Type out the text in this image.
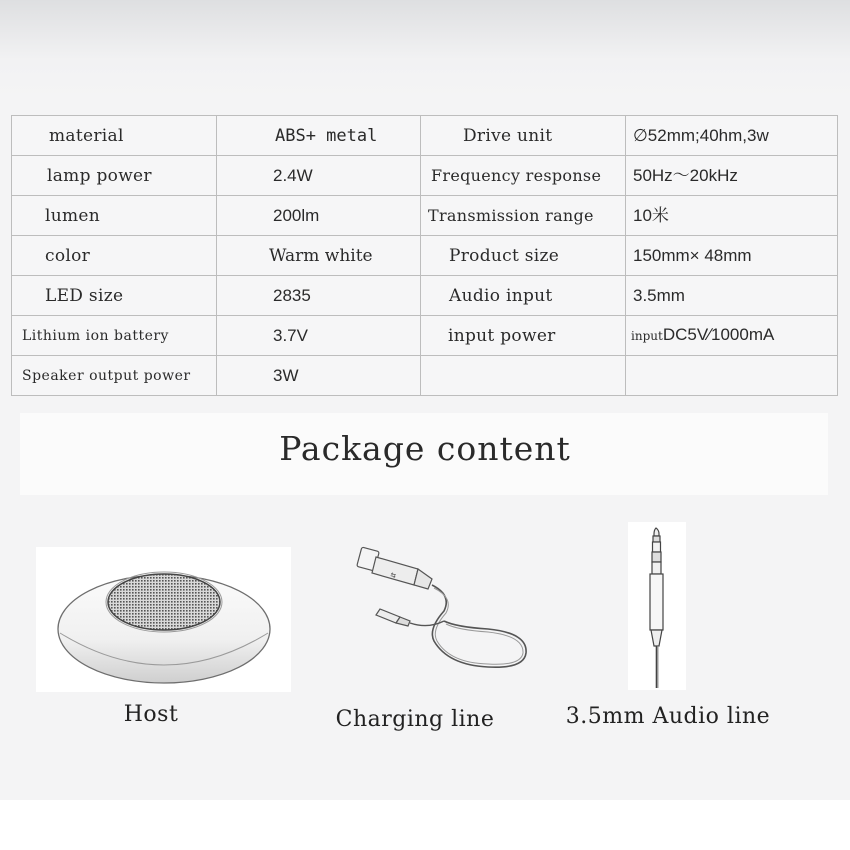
material	ABS+ metal	Drive unit	∅52mm;40hm,3w
lamp power	2.4W	Frequency response	50Hz～20kHz
lumen	200lm	Transmission range	10米
color	Warm white	Product size	150mm× 48mm
LED size	2835	Audio input	3.5mm
Lithium ion battery	3.7V	input power	inputDC5V∕1000mA
Speaker output power	3W		
Package content
Host
⇆
Charging line	3.5mm Audio line
